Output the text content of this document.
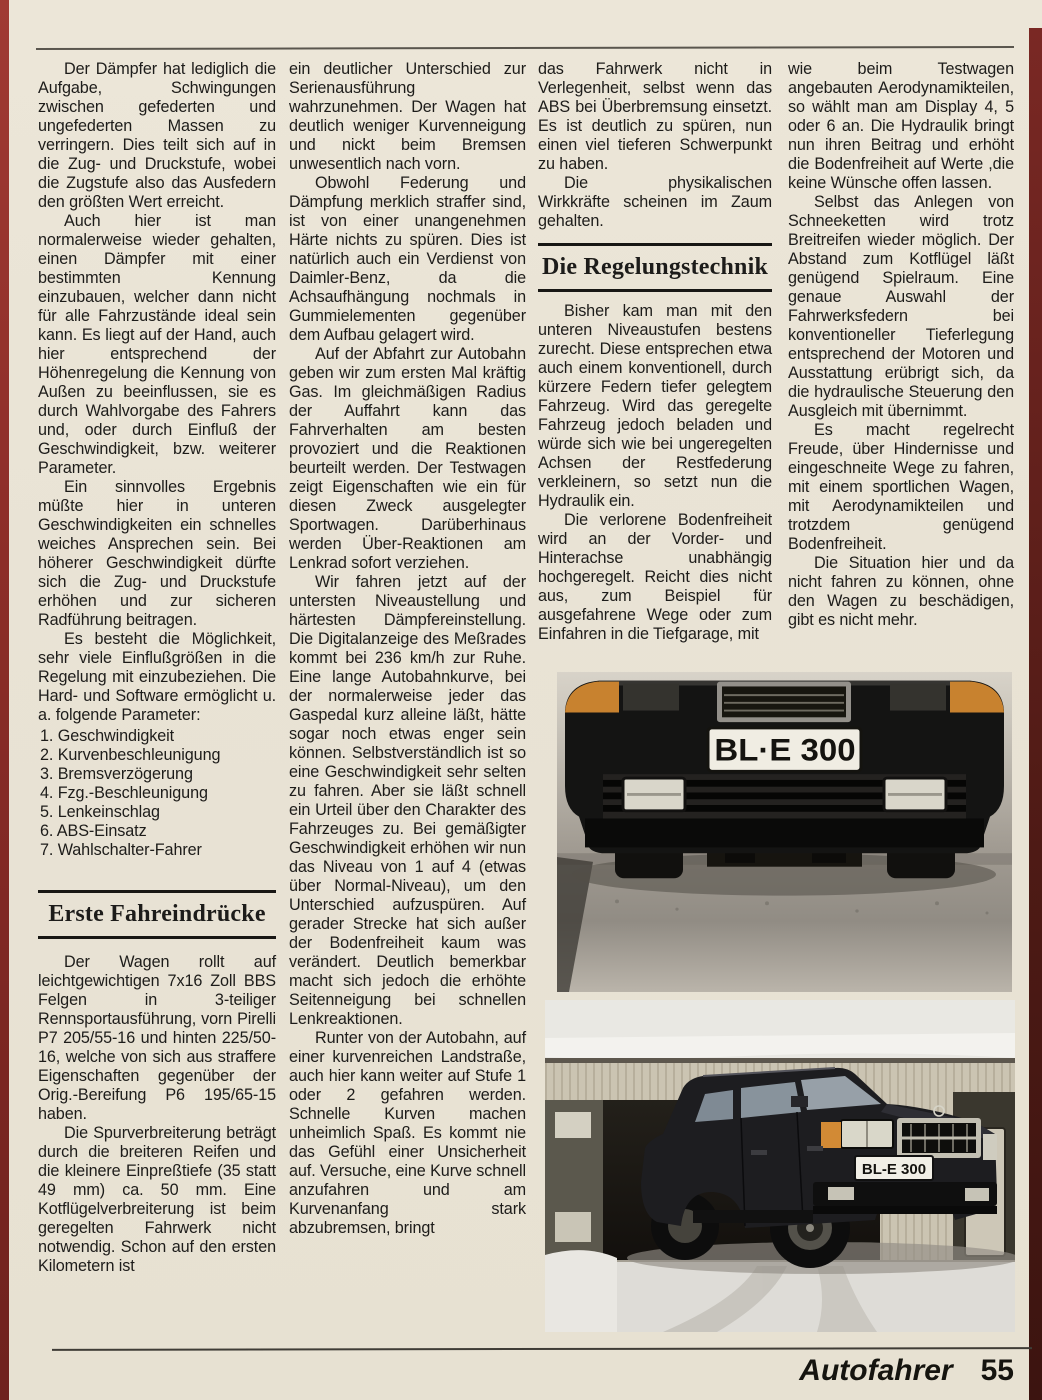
Der Dämpfer hat lediglich die Aufgabe, Schwingungen zwischen gefederten und ungefederten Massen zu verringern. Dies teilt sich auf in die Zug- und Druckstufe, wobei die Zugstufe also das Ausfedern den größten Wert erreicht.

Auch hier ist man normalerweise wieder gehalten, einen Dämpfer mit einer bestimmten Kennung einzubauen, welcher dann nicht für alle Fahrzustände ideal sein kann. Es liegt auf der Hand, auch hier entsprechend der Höhenregelung die Kennung von Außen zu beeinflussen, sie es durch Wahlvorgabe des Fahrers und, oder durch Einfluß der Geschwindigkeit, bzw. weiterer Parameter.

Ein sinnvolles Ergebnis müßte hier in unteren Geschwindigkeiten ein schnelles weiches Ansprechen sein. Bei höherer Geschwindigkeit dürfte sich die Zug- und Druckstufe erhöhen und zur sicheren Radführung beitragen.

Es besteht die Möglichkeit, sehr viele Einflußgrößen in die Regelung mit einzubeziehen. Die Hard- und Software ermöglicht u. a. folgende Parameter:

1. Geschwindigkeit
2. Kurvenbeschleunigung
3. Bremsverzögerung
4. Fzg.-Beschleunigung
5. Lenkeinschlag
6. ABS-Einsatz
7. Wahlschalter-Fahrer
Erste Fahreindrücke

Der Wagen rollt auf leichtgewichtigen 7x16 Zoll BBS Felgen in 3-teiliger Rennsportausführung, vorn Pirelli P7 205/55-16 und hinten 225/50-16, welche von sich aus straffere Eigenschaften gegenüber der Orig.-Bereifung P6 195/65-15 haben.

Die Spurverbreiterung beträgt durch die breiteren Reifen und die kleinere Einpreßtiefe (35 statt 49 mm) ca. 50 mm. Eine Kotflügelverbreiterung ist beim geregelten Fahrwerk nicht notwendig. Schon auf den ersten Kilometern ist

ein deutlicher Unterschied zur Serienausführung wahrzunehmen. Der Wagen hat deutlich weniger Kurvenneigung und nickt beim Bremsen unwesentlich nach vorn.

Obwohl Federung und Dämpfung merklich straffer sind, ist von einer unangenehmen Härte nichts zu spüren. Dies ist natürlich auch ein Verdienst von Daimler-Benz, da die Achsaufhängung nochmals in Gummielementen gegenüber dem Aufbau gelagert wird.

Auf der Abfahrt zur Autobahn geben wir zum ersten Mal kräftig Gas. Im gleichmäßigen Radius der Auffahrt kann das Fahrverhalten am besten provoziert und die Reaktionen beurteilt werden. Der Testwagen zeigt Eigenschaften wie ein für diesen Zweck ausgelegter Sportwagen. Darüberhinaus werden Über-Reaktionen am Lenkrad sofort verziehen.

Wir fahren jetzt auf der untersten Niveaustellung und härtesten Dämpfereinstellung. Die Digitalanzeige des Meßrades kommt bei 236 km/h zur Ruhe. Eine lange Autobahnkurve, bei der normalerweise jeder das Gaspedal kurz alleine läßt, hätte sogar noch etwas enger sein können. Selbstverständlich ist so eine Geschwindigkeit sehr selten zu fahren. Aber sie läßt schnell ein Urteil über den Charakter des Fahrzeuges zu. Bei gemäßigter Geschwindigkeit erhöhen wir nun das Niveau von 1 auf 4 (etwas über Normal-Niveau), um den Unterschied aufzuspüren. Auf gerader Strecke hat sich außer der Bodenfreiheit kaum was verändert. Deutlich bemerkbar macht sich jedoch die erhöhte Seitenneigung bei schnellen Lenkreaktionen.

Runter von der Autobahn, auf einer kurvenreichen Landstraße, auch hier kann weiter auf Stufe 1 oder 2 gefahren werden. Schnelle Kurven machen unheimlich Spaß. Es kommt nie das Gefühl einer Unsicherheit auf. Versuche, eine Kurve schnell anzufahren und am Kurvenanfang stark abzubremsen, bringt

das Fahrwerk nicht in Verlegenheit, selbst wenn das ABS bei Überbremsung einsetzt. Es ist deutlich zu spüren, nun einen viel tieferen Schwerpunkt zu haben.

Die physikalischen Wirkkräfte scheinen im Zaum gehalten.

Die Regelungstechnik

Bisher kam man mit den unteren Niveaustufen bestens zurecht. Diese entsprechen etwa auch einem konventionell, durch kürzere Federn tiefer gelegtem Fahrzeug. Wird das geregelte Fahrzeug jedoch beladen und würde sich wie bei ungeregelten Achsen der Restfederung verkleinern, so setzt nun die Hydraulik ein.

Die verlorene Bodenfreiheit wird an der Vorder- und Hinterachse unabhängig hochgeregelt. Reicht dies nicht aus, zum Beispiel für ausgefahrene Wege oder zum Einfahren in die Tiefgarage, mit

wie beim Testwagen angebauten Aerodynamikteilen, so wählt man am Display 4, 5 oder 6 an. Die Hydraulik bringt nun ihren Beitrag und erhöht die Bodenfreiheit auf Werte ,die keine Wünsche offen lassen.

Selbst das Anlegen von Schneeketten wird trotz Breitreifen wieder möglich. Der Abstand zum Kotflügel läßt genügend Spielraum. Eine genaue Auswahl der Fahrwerksfedern bei konventioneller Tieferlegung entsprechend der Motoren und Ausstattung erübrigt sich, da die hydraulische Steuerung den Ausgleich mit übernimmt.

Es macht regelrecht Freude, über Hindernisse und eingeschneite Wege zu fahren, mit einem sportlichen Wagen, mit Aerodynamikteilen und trotzdem genügend Bodenfreiheit.

Die Situation hier und da nicht fahren zu können, ohne den Wagen zu beschädigen, gibt es nicht mehr.

BL·E 300
BL-E 300
Autofahrer 55
